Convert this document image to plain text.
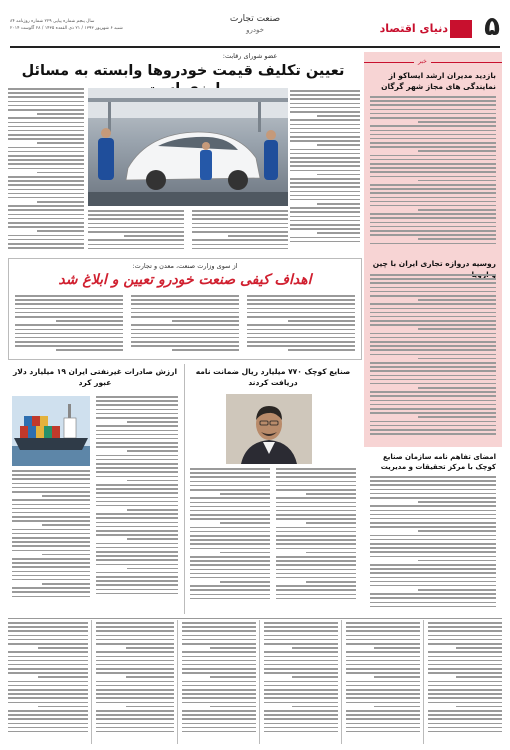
۵
دنیای اقتصاد
صنعت تجارت
خودرو
سال پنجم شماره پیاپی ۲۲۹ شماره روزنامه ۸۴
شنبه ۶ شهریور ۱۳۹۳ / ۲۱ ذی القعده ۱۴۳۵ / ۲۸ آگوست ۲۰۱۴
خبر
بازدید مدیران ارشد ایساکو از نمایندگی های مجاز شهر گرگان
روسیه دروازه تجاری ایران با چین
عضو شورای رقابت:
تعیین تکلیف قیمت خودروها وابسته به مسائل
از سوی وزارت صنعت، معدن و تجارت:
اهداف کیفی صنعت خودرو تعیین و ابلاغ شد
صنایع کوچک ۷۷۰ میلیارد ریال ضمانت نامه دریافت کردند
ارزش صادرات غیرنفتی ایران ۱۹ میلیارد دلار عبور کرد
امضای تفاهم نامه سازمان صنایع کوچک با مرکز تحقیقات و مدیریت
